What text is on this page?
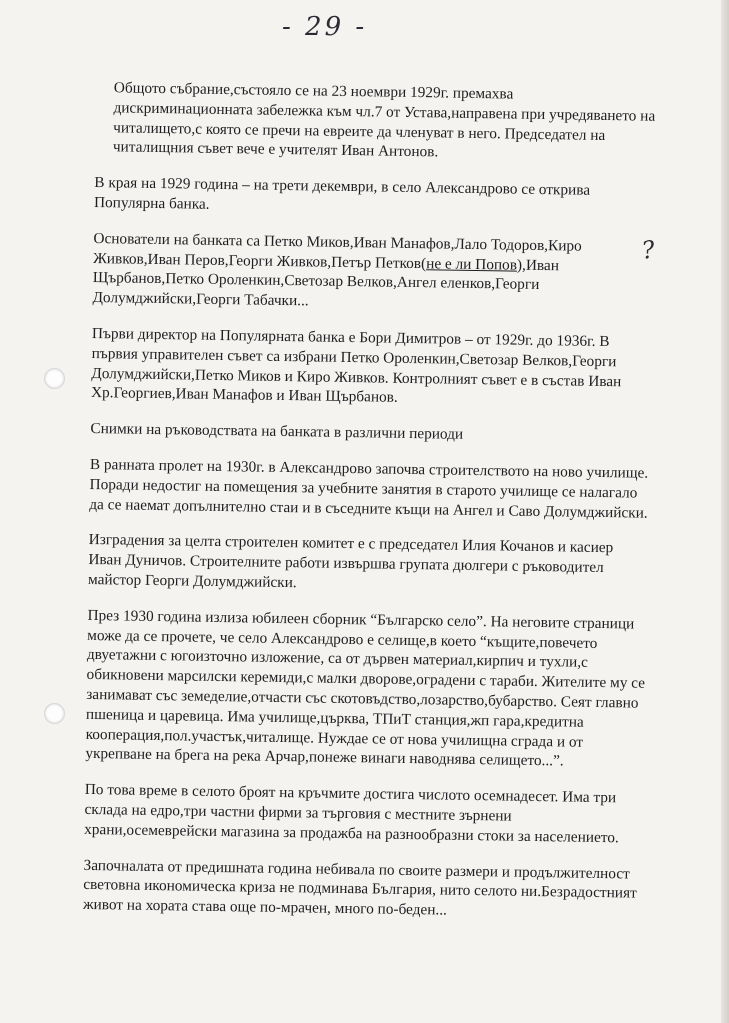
- 29 -
?

Общото събрание,състояло се на 23 ноември 1929г. премахва дискриминационната забележка към чл.7 от Устава,направена при учредяването на читалището,с която се пречи на евреите да членуват в него. Председател на читалищния съвет вече е учителят Иван Антонов.

В края на 1929 година – на трети декември, в село Александрово се открива Популярна банка.

Основатели на банката са Петко Миков,Иван Манафов,Лало Тодоров,Киро Живков,Иван Перов,Георги Живков,Петър Петков(не е ли Попов),Иван Щърбанов,Петко Ороленкин,Светозар Велков,Ангел еленков,Георги Долумджийски,Георги Табачки...

Първи директор на Популярната банка е Бори Димитров – от 1929г. до 1936г. В първия управителен съвет са избрани Петко Ороленкин,Светозар Велков,Георги Долумджийски,Петко Миков и Киро Живков. Контролният съвет е в състав Иван Хр.Георгиев,Иван Манафов и Иван Щърбанов.

Снимки на ръководствата на банката в различни периоди

В ранната пролет на 1930г. в Александрово започва строителството на ново училище. Поради недостиг на помещения за учебните занятия в старото училище се налагало да се наемат допълнително стаи и в съседните къщи на Ангел и Саво Долумджийски.

Изградения за целта строителен комитет е с председател Илия Кочанов и касиер Иван Дуничов. Строителните работи извършва групата дюлгери с ръководител майстор Георги Долумджийски.

През 1930 година излиза юбилеен сборник “Българско село”. На неговите страници може да се прочете, че село Александрово е селище,в което “къщите,повечето двуетажни с югоизточно изложение, са от дървен материал,кирпич и тухли,с обикновени марсилски керемиди,с малки дворове,оградени с тараби. Жителите му се занимават със земеделие,отчасти със скотовъдство,лозарство,бубарство. Сеят главно пшеница и царевица. Има училище,църква, ТПиТ станция,жп гара,кредитна кооперация,пол.участък,читалище. Нуждае се от нова училищна сграда и от укрепване на брега на река Арчар,понеже винаги наводнява селището...”.

По това време в селото броят на кръчмите достига числото осемнадесет. Има три склада на едро,три частни фирми за търговия с местните зърнени храни,осемеврейски магазина за продажба на разнообразни стоки за населението.

Започналата от предишната година небивала по своите размери и продължителност световна икономическа криза не подминава България, нито селото ни.Безрадостният живот на хората става още по-мрачен, много по-беден...
